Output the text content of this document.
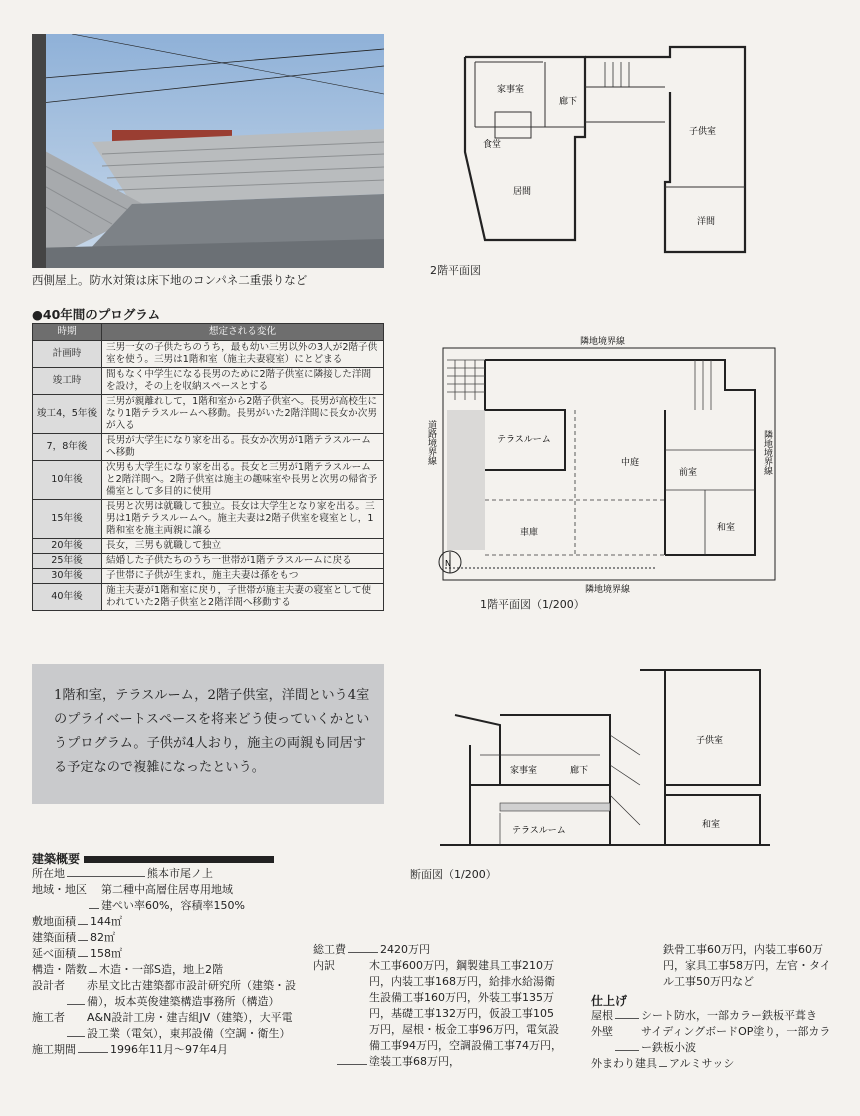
西側屋上。防水対策は床下地のコンパネ二重張りなど
家事室
廊下
食堂
居間
子供室
洋間
2階平面図
●40年間のプログラム
時期	想定される変化
計画時	三男一女の子供たちのうち，最も幼い三男以外の3人が2階子供室を使う。三男は1階和室（施主夫妻寝室）にとどまる
竣工時	間もなく中学生になる長男のために2階子供室に隣接した洋間を設け，その上を収納スペースとする
竣工4，5年後	三男が親離れして，1階和室から2階子供室へ。長男が高校生になり1階テラスルームへ移動。長男がいた2階洋間に長女か次男が入る
7，8年後	長男が大学生になり家を出る。長女か次男が1階テラスルームへ移動
10年後	次男も大学生になり家を出る。長女と三男が1階テラスルームと2階洋間へ。2階子供室は施主の趣味室や長男と次男の帰省予備室として多目的に使用
15年後	長男と次男は就職して独立。長女は大学生となり家を出る。三男は1階テラスルームへ。施主夫妻は2階子供室を寝室とし，1階和室を施主両親に譲る
20年後	長女，三男も就職して独立
25年後	結婚した子供たちのうち一世帯が1階テラスルームに戻る
30年後	子世帯に子供が生まれ，施主夫妻は孫をもつ
40年後	施主夫妻が1階和室に戻り，子世帯が施主夫妻の寝室として使われていた2階子供室と2階洋間へ移動する
N
隣地境界線
隣地境界線
隣地境界線
道路境界線	テラスルーム
中庭
車庫
前室
和室
1階平面図（1/200）

1階和室，テラスルーム，2階子供室，洋間という4室のプライベートスペースを将来どう使っていくかというプログラム。子供が4人おり，施主の両親も同居する予定なので複雑になったという。	家事室	廊下
テラスルーム
子供室
和室
断面図（1/200）
建築概要
所在地	熊本市尾ノ上
地域・地区 第二種中高層住居専用地域
建ぺい率60%，容積率150%
敷地面積 144㎡
建築面積 82㎡
延べ面積 158㎡
構造・階数 木造・一部S造，地上2階
設計者 赤星文比古建築都市設計研究所（建築・設備），坂本英俊建築構造事務所（構造）
施工者 A&N設計工房・建吉組JV（建築），大平電設工業（電気），東邦設備（空調・衛生）
施工期間	1996年11月～97年4月
総工費	2420万円
内訳	木工事600万円，鋼製建具工事210万円，内装工事168万円，給排水給湯衛生設備工事160万円，外装工事135万円，基礎工事132万円，仮設工事105万円，屋根・板金工事96万円，電気設備工事94万円，空調設備工事74万円，塗装工事68万円，
鉄骨工事60万円，内装工事60万円，家具工事58万円，左官・タイル工事50万円など
仕上げ
屋根	シート防水，一部カラー鉄板平葺き
外壁	サイディングボードOP塗り，一部カラー鉄板小波
外まわり建具 アルミサッシ
